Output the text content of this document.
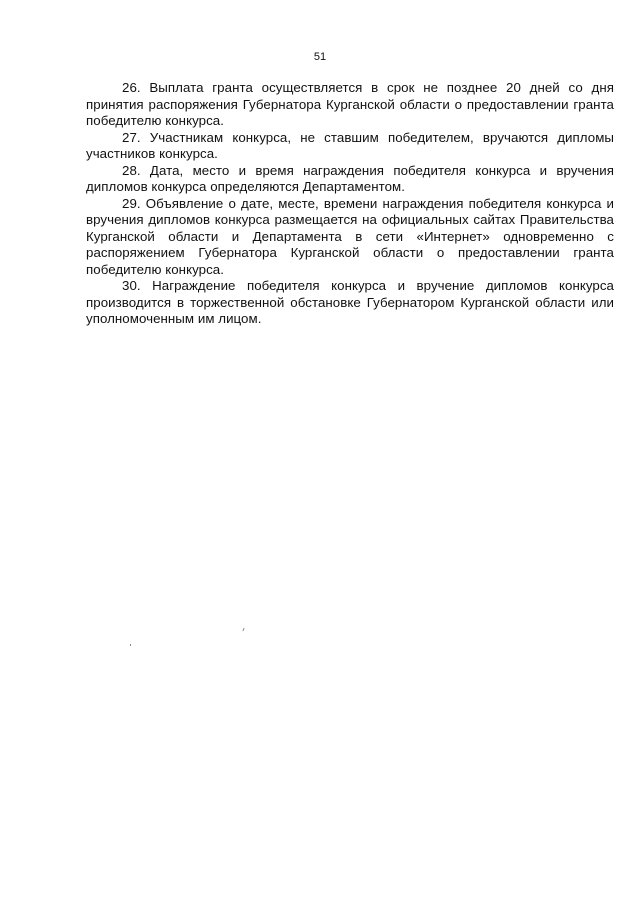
51

26. Выплата гранта осуществляется в срок не позднее 20 дней со дня принятия распоряжения Губернатора Курганской области о предоставлении гранта победителю конкурса.

27. Участникам конкурса, не ставшим победителем, вручаются дипломы участников конкурса.

28. Дата, место и время награждения победителя конкурса и вручения дипломов конкурса определяются Департаментом.

29. Объявление о дате, месте, времени награждения победителя конкурса и вручения дипломов конкурса размещается на официальных сайтах Правительства Курганской области и Департамента в сети «Интернет» одновременно с распоряжением Губернатора Курганской области о предоставлении гранта победителю конкурса.

30. Награждение победителя конкурса и вручение дипломов конкурса производится в торжественной обстановке Губернатором Курганской области или уполномоченным им лицом.
